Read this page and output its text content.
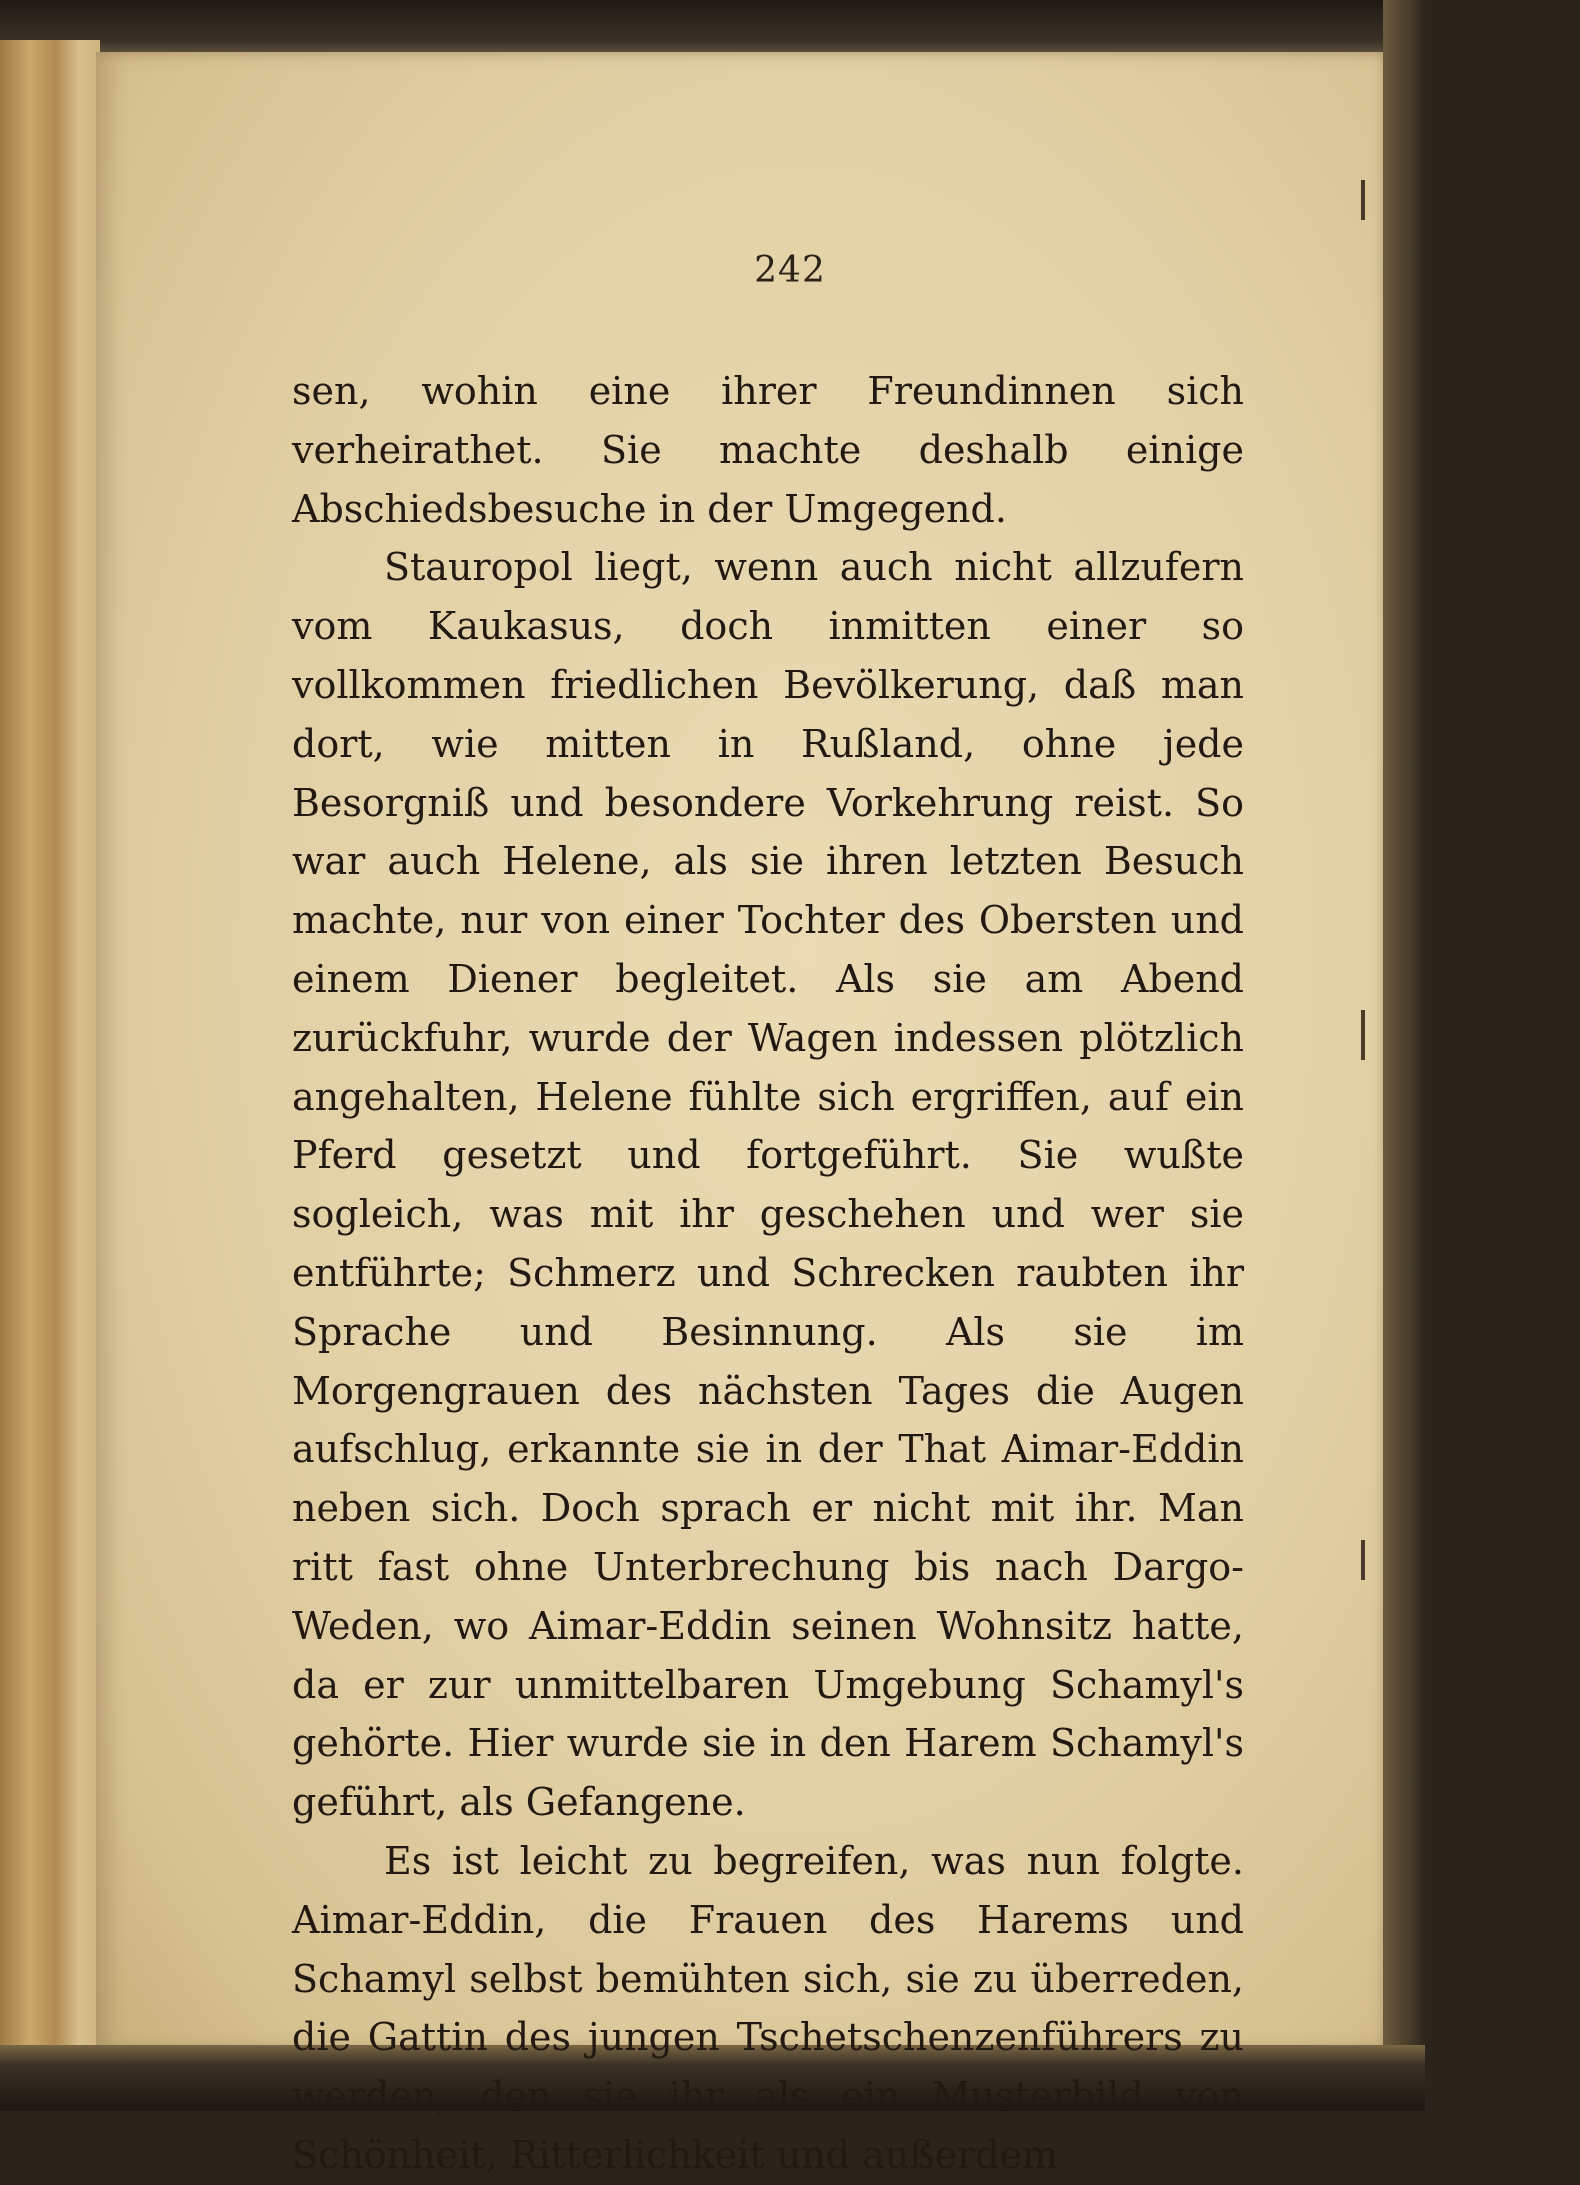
242

sen, wohin eine ihrer Freundinnen sich verheirathet. Sie machte deshalb einige Abschiedsbesuche in der Umgegend.

Stauropol liegt, wenn auch nicht allzufern vom Kaukasus, doch inmitten einer so vollkommen friedlichen Bevölkerung, daß man dort, wie mitten in Rußland, ohne jede Besorgniß und besondere Vorkehrung reist. So war auch Helene, als sie ihren letzten Besuch machte, nur von einer Tochter des Obersten und einem Diener begleitet. Als sie am Abend zurückfuhr, wurde der Wagen indessen plötzlich angehalten, Helene fühlte sich ergriffen, auf ein Pferd gesetzt und fortgeführt. Sie wußte sogleich, was mit ihr geschehen und wer sie entführte; Schmerz und Schrecken raubten ihr Sprache und Besinnung. Als sie im Morgengrauen des nächsten Tages die Augen aufschlug, erkannte sie in der That Aimar-Eddin neben sich. Doch sprach er nicht mit ihr. Man ritt fast ohne Unterbrechung bis nach Dargo-Weden, wo Aimar-Eddin seinen Wohnsitz hatte, da er zur unmittelbaren Umgebung Schamyl's gehörte. Hier wurde sie in den Harem Schamyl's geführt, als Gefangene.

Es ist leicht zu begreifen, was nun folgte. Aimar-Eddin, die Frauen des Harems und Schamyl selbst bemühten sich, sie zu überreden, die Gattin des jungen Tschetschenzenführers zu werden, den sie ihr als ein Musterbild von Schönheit, Ritterlichkeit und außerdem
